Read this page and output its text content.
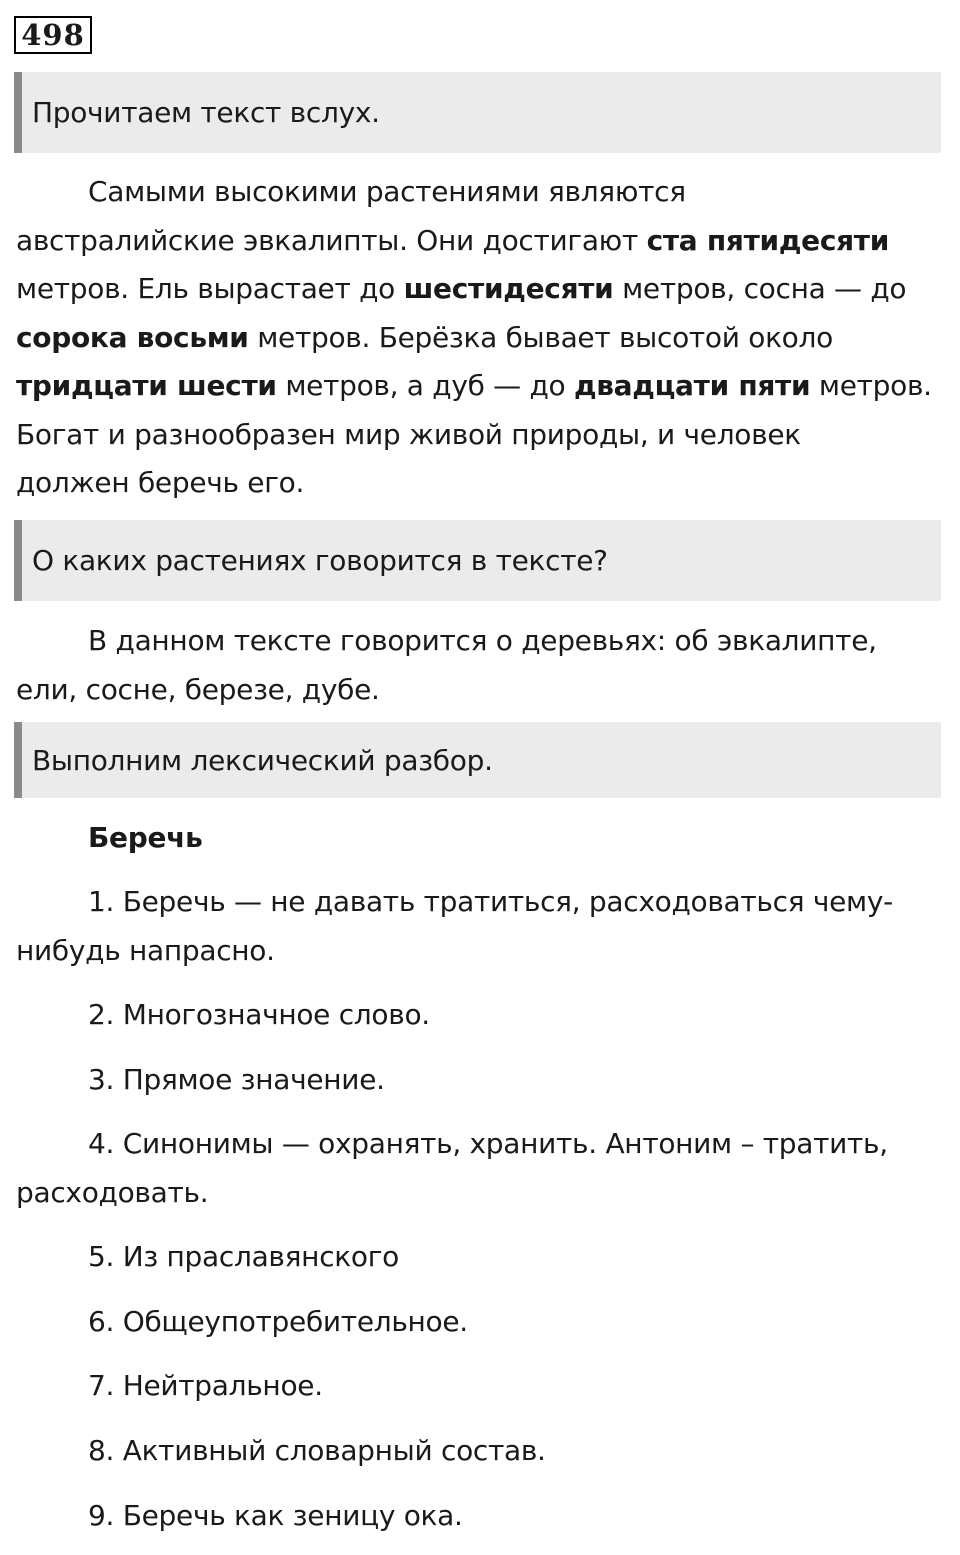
498
Прочитаем текст вслух.
Самыми высокими растениями являются
австралийские эвкалипты. Они достигают ста пятидесяти
метров. Ель вырастает до шестидесяти метров, сосна — до
сорока восьми метров. Берёзка бывает высотой около
тридцати шести метров, а дуб — до двадцати пяти метров.
Богат и разнообразен мир живой природы, и человек
должен беречь его.
О каких растениях говорится в тексте?
В данном тексте говорится о деревьях: об эвкалипте,
ели, сосне, березе, дубе.
Выполним лексический разбор.
Беречь
1. Беречь — не давать тратиться, расходоваться чему-
нибудь напрасно.
2. Многозначное слово.
3. Прямое значение.
4. Синонимы — охранять, хранить. Антоним – тратить,
расходовать.
5. Из праславянского
6. Общеупотребительное.
7. Нейтральное.
8. Активный словарный состав.
9. Беречь как зеницу ока.
